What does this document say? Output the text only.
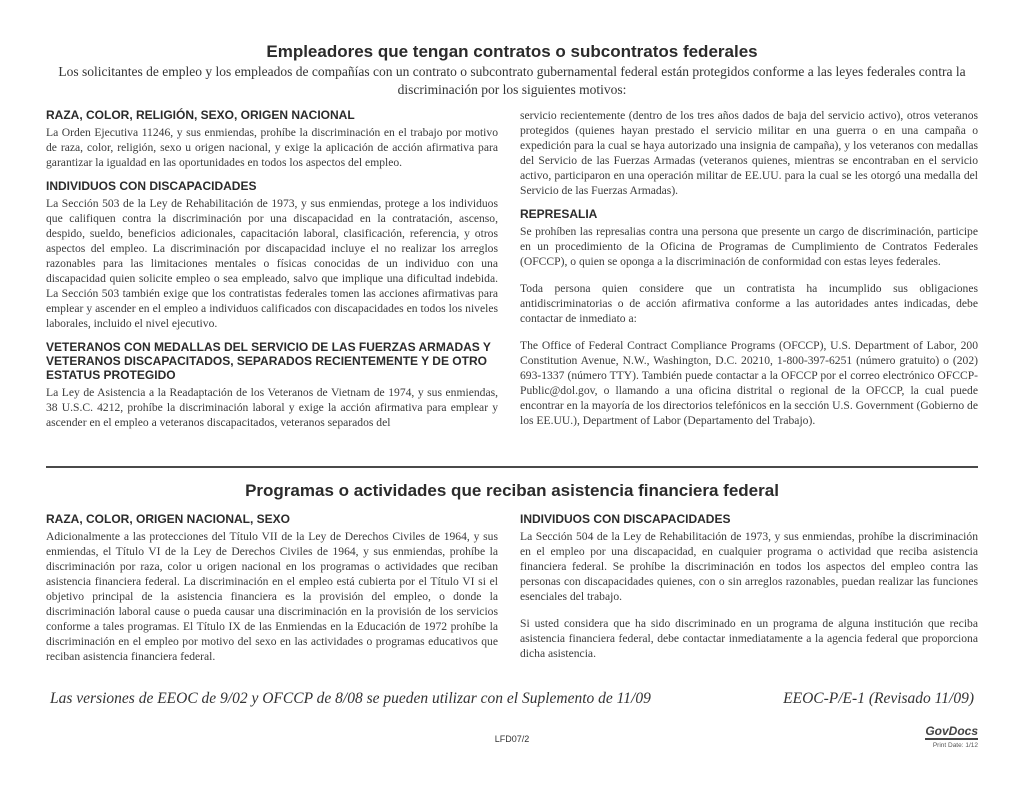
Empleadores que tengan contratos o subcontratos federales
Los solicitantes de empleo y los empleados de compañías con un contrato o subcontrato gubernamental federal están protegidos conforme a las leyes federales contra la discriminación por los siguientes motivos:
RAZA, COLOR, RELIGIÓN, SEXO, ORIGEN NACIONAL

La Orden Ejecutiva 11246, y sus enmiendas, prohíbe la discriminación en el trabajo por motivo de raza, color, religión, sexo u origen nacional, y exige la aplicación de acción afirmativa para garantizar la igualdad en las oportunidades en todos los aspectos del empleo.

INDIVIDUOS CON DISCAPACIDADES

La Sección 503 de la Ley de Rehabilitación de 1973, y sus enmiendas, protege a los individuos que califiquen contra la discriminación por una discapacidad en la contratación, ascenso, despido, sueldo, beneficios adicionales, capacitación laboral, clasificación, referencia, y otros aspectos del empleo. La discriminación por discapacidad incluye el no realizar los arreglos razonables para las limitaciones mentales o físicas conocidas de un individuo con una discapacidad quien solicite empleo o sea empleado, salvo que implique una dificultad indebida. La Sección 503 también exige que los contratistas federales tomen las acciones afirmativas para emplear y ascender en el empleo a individuos calificados con discapacidades en todos los niveles laborales, incluido el nivel ejecutivo.

VETERANOS CON MEDALLAS DEL SERVICIO DE LAS FUERZAS ARMADAS Y VETERANOS DISCAPACITADOS, SEPARADOS RECIENTEMENTE Y DE OTRO ESTATUS PROTEGIDO

La Ley de Asistencia a la Readaptación de los Veteranos de Vietnam de 1974, y sus enmiendas, 38 U.S.C. 4212, prohíbe la discriminación laboral y exige la acción afirmativa para emplear y ascender en el empleo a veteranos discapacitados, veteranos separados del

servicio recientemente (dentro de los tres años dados de baja del servicio activo), otros veteranos protegidos (quienes hayan prestado el servicio militar en una guerra o en una campaña o expedición para la cual se haya autorizado una insignia de campaña), y los veteranos con medallas del Servicio de las Fuerzas Armadas (veteranos quienes, mientras se encontraban en el servicio activo, participaron en una operación militar de EE.UU. para la cual se les otorgó una medalla del Servicio de las Fuerzas Armadas).

REPRESALIA

Se prohíben las represalias contra una persona que presente un cargo de discriminación, participe en un procedimiento de la Oficina de Programas de Cumplimiento de Contratos Federales (OFCCP), o quien se oponga a la discriminación de conformidad con estas leyes federales.

Toda persona quien considere que un contratista ha incumplido sus obligaciones antidiscriminatorias o de acción afirmativa conforme a las autoridades antes indicadas, debe contactar de inmediato a:

The Office of Federal Contract Compliance Programs (OFCCP), U.S. Department of Labor, 200 Constitution Avenue, N.W., Washington, D.C. 20210, 1-800-397-6251 (número gratuito) o (202) 693-1337 (número TTY). También puede contactar a la OFCCP por el correo electrónico OFCCP-Public@dol.gov, o llamando a una oficina distrital o regional de la OFCCP, la cual puede encontrar en la mayoría de los directorios telefónicos en la sección U.S. Government (Gobierno de los EE.UU.), Department of Labor (Departamento del Trabajo).

Programas o actividades que reciban asistencia financiera federal
RAZA, COLOR, ORIGEN NACIONAL, SEXO

Adicionalmente a las protecciones del Título VII de la Ley de Derechos Civiles de 1964, y sus enmiendas, el Título VI de la Ley de Derechos Civiles de 1964, y sus enmiendas, prohíbe la discriminación por raza, color u origen nacional en los programas o actividades que reciban asistencia financiera federal. La discriminación en el empleo está cubierta por el Título VI si el objetivo principal de la asistencia financiera es la provisión del empleo, o donde la discriminación laboral cause o pueda causar una discriminación en la provisión de los servicios conforme a tales programas. El Título IX de las Enmiendas en la Educación de 1972 prohíbe la discriminación en el empleo por motivo del sexo en las actividades o programas educativos que reciban asistencia financiera federal.

INDIVIDUOS CON DISCAPACIDADES

La Sección 504 de la Ley de Rehabilitación de 1973, y sus enmiendas, prohíbe la discriminación en el empleo por una discapacidad, en cualquier programa o actividad que reciba asistencia financiera federal. Se prohíbe la discriminación en todos los aspectos del empleo contra las personas con discapacidades quienes, con o sin arreglos razonables, puedan realizar las funciones esenciales del trabajo.

Si usted considera que ha sido discriminado en un programa de alguna institución que reciba asistencia financiera federal, debe contactar inmediatamente a la agencia federal que proporciona dicha asistencia.

Las versiones de EEOC de 9/02 y OFCCP de 8/08 se pueden utilizar con el Suplemento de 11/09	EEOC-P/E-1 (Revisado 11/09)
LFD07/2
GovDocs
Print Date: 1/12
